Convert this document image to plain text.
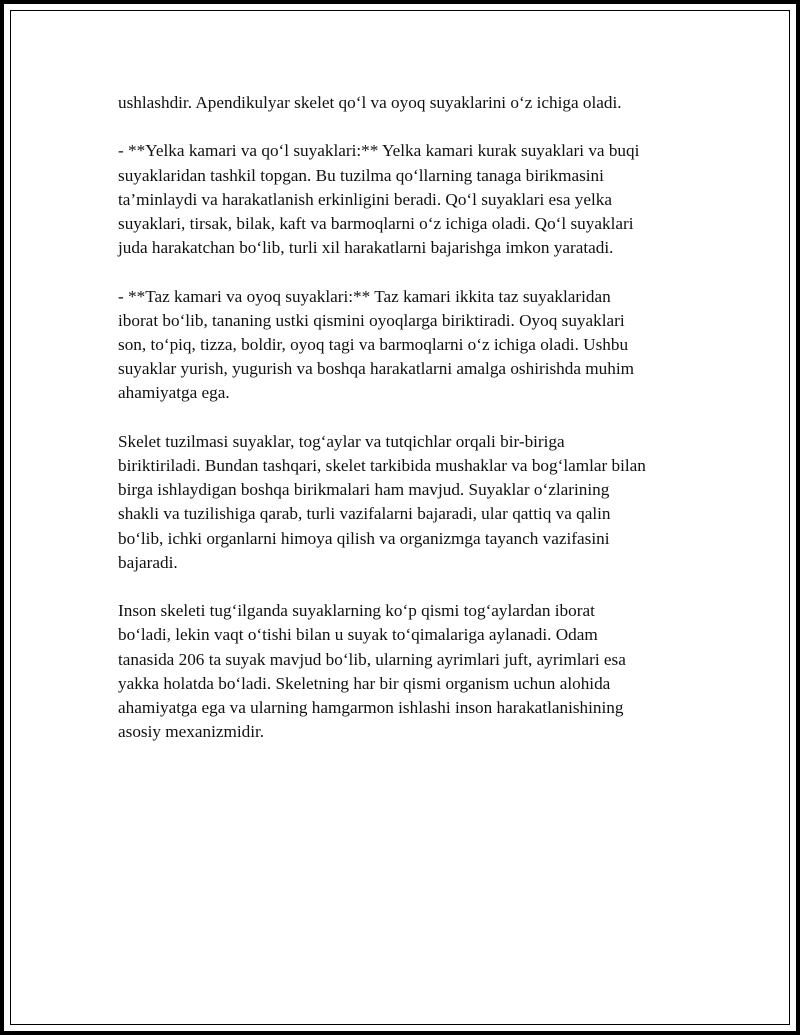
ushlashdir. Apendikulyar skelet qo‘l va oyoq suyaklarini o‘z ichiga oladi.

- **Yelka kamari va qo‘l suyaklari:** Yelka kamari kurak suyaklari va buqi
suyaklaridan tashkil topgan. Bu tuzilma qo‘llarning tanaga birikmasini
ta’minlaydi va harakatlanish erkinligini beradi. Qo‘l suyaklari esa yelka
suyaklari, tirsak, bilak, kaft va barmoqlarni o‘z ichiga oladi. Qo‘l suyaklari
juda harakatchan bo‘lib, turli xil harakatlarni bajarishga imkon yaratadi.

- **Taz kamari va oyoq suyaklari:** Taz kamari ikkita taz suyaklaridan
iborat bo‘lib, tananing ustki qismini oyoqlarga biriktiradi. Oyoq suyaklari
son, to‘piq, tizza, boldir, oyoq tagi va barmoqlarni o‘z ichiga oladi. Ushbu
suyaklar yurish, yugurish va boshqa harakatlarni amalga oshirishda muhim
ahamiyatga ega.

Skelet tuzilmasi suyaklar, tog‘aylar va tutqichlar orqali bir-biriga
biriktiriladi. Bundan tashqari, skelet tarkibida mushaklar va bog‘lamlar bilan
birga ishlaydigan boshqa birikmalari ham mavjud. Suyaklar o‘zlarining
shakli va tuzilishiga qarab, turli vazifalarni bajaradi, ular qattiq va qalin
bo‘lib, ichki organlarni himoya qilish va organizmga tayanch vazifasini
bajaradi.

Inson skeleti tug‘ilganda suyaklarning ko‘p qismi tog‘aylardan iborat
bo‘ladi, lekin vaqt o‘tishi bilan u suyak to‘qimalariga aylanadi. Odam
tanasida 206 ta suyak mavjud bo‘lib, ularning ayrimlari juft, ayrimlari esa
yakka holatda bo‘ladi. Skeletning har bir qismi organism uchun alohida
ahamiyatga ega va ularning hamgarmon ishlashi inson harakatlanishining
asosiy mexanizmidir.
